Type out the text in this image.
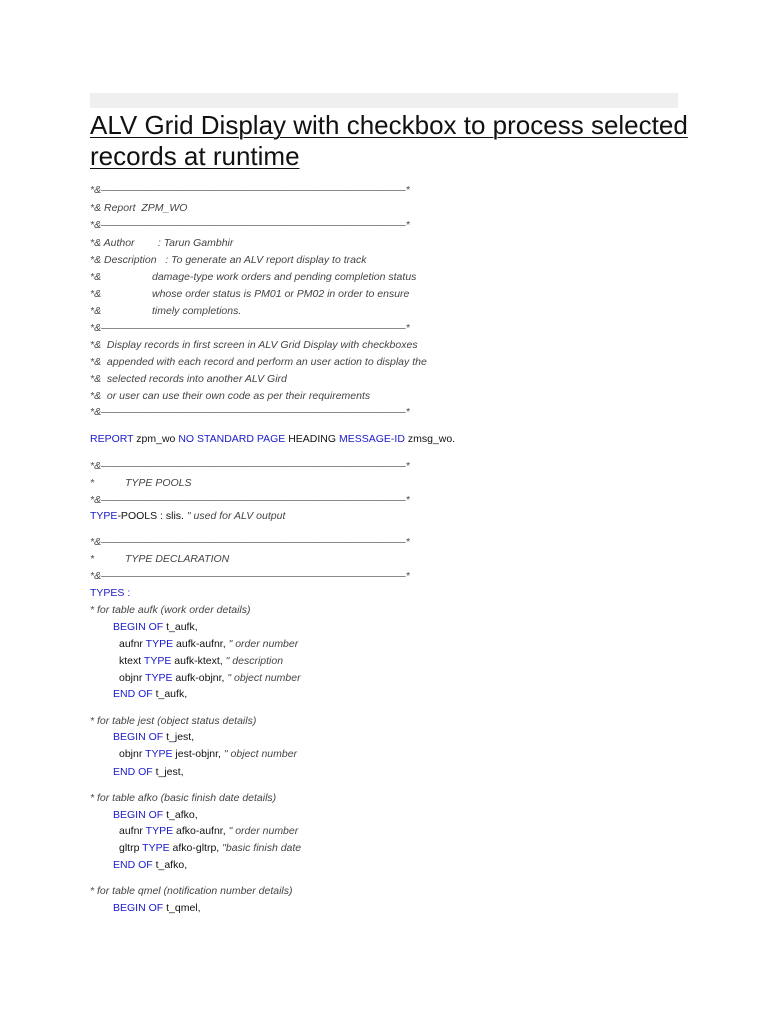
ALV Grid Display with checkbox to process selected records at runtime
*&—————————————————————————————*
*& Report  ZPM_WO
*&—————————————————————————————*
*& Author        : Tarun Gambhir
*& Description   : To generate an ALV report display to track
*&	damage-type work orders and pending completion status
*&	whose order status is PM01 or PM02 in order to ensure
*&	timely completions.
*&—————————————————————————————*
*&  Display records in first screen in ALV Grid Display with checkboxes
*&  appended with each record and perform an user action to display the
*&  selected records into another ALV Gird
*&  or user can use their own code as per their requirements
*&—————————————————————————————*
REPORT zpm_wo NO STANDARD PAGE HEADING MESSAGE-ID zmsg_wo.
*&—————————————————————————————*
*	TYPE POOLS
*&—————————————————————————————*
TYPE-POOLS : slis. " used for ALV output
*&—————————————————————————————*
*	TYPE DECLARATION
*&—————————————————————————————*
TYPES :
* for table aufk (work order details)
BEGIN OF t_aufk,
aufnr TYPE aufk-aufnr, " order number
ktext TYPE aufk-ktext, " description
objnr TYPE aufk-objnr, " object number
END OF t_aufk,
* for table jest (object status details)
BEGIN OF t_jest,
objnr TYPE jest-objnr, " object number
END OF t_jest,
* for table afko (basic finish date details)
BEGIN OF t_afko,
aufnr TYPE afko-aufnr, " order number
gltrp TYPE afko-gltrp, "basic finish date
END OF t_afko,
* for table qmel (notification number details)
BEGIN OF t_qmel,
